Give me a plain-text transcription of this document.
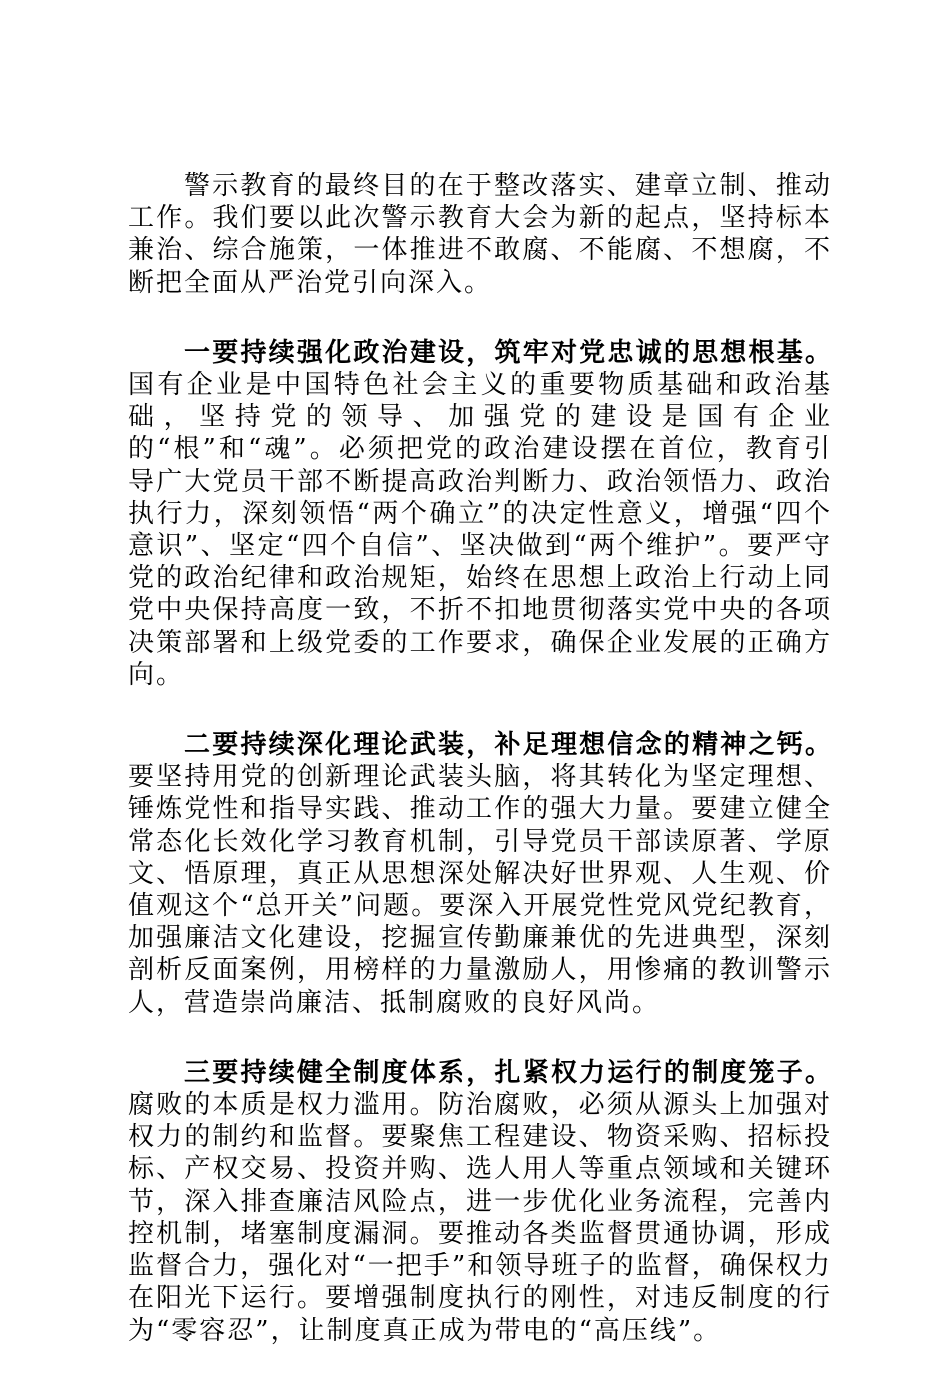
警示教育的最终目的在于整改落实、建章立制、推动工作。我们要以此次警示教育大会为新的起点，坚持标本兼治、综合施策，一体推进不敢腐、不能腐、不想腐，不断把全面从严治党引向深入。

一要持续强化政治建设，筑牢对党忠诚的思想根基。国有企业是中国特色社会主义的重要物质基础和政治基础，坚持党的领导、加强党的建设是国有企业的“根”和“魂”。必须把党的政治建设摆在首位，教育引导广大党员干部不断提高政治判断力、政治领悟力、政治执行力，深刻领悟“两个确立”的决定性意义，增强“四个意识”、坚定“四个自信”、坚决做到“两个维护”。要严守党的政治纪律和政治规矩，始终在思想上政治上行动上同党中央保持高度一致，不折不扣地贯彻落实党中央的各项决策部署和上级党委的工作要求，确保企业发展的正确方向。

二要持续深化理论武装，补足理想信念的精神之钙。要坚持用党的创新理论武装头脑，将其转化为坚定理想、锤炼党性和指导实践、推动工作的强大力量。要建立健全常态化长效化学习教育机制，引导党员干部读原著、学原文、悟原理，真正从思想深处解决好世界观、人生观、价值观这个“总开关”问题。要深入开展党性党风党纪教育，加强廉洁文化建设，挖掘宣传勤廉兼优的先进典型，深刻剖析反面案例，用榜样的力量激励人，用惨痛的教训警示人，营造崇尚廉洁、抵制腐败的良好风尚。

三要持续健全制度体系，扎紧权力运行的制度笼子。腐败的本质是权力滥用。防治腐败，必须从源头上加强对权力的制约和监督。要聚焦工程建设、物资采购、招标投标、产权交易、投资并购、选人用人等重点领域和关键环节，深入排查廉洁风险点，进一步优化业务流程，完善内控机制，堵塞制度漏洞。要推动各类监督贯通协调，形成监督合力，强化对“一把手”和领导班子的监督，确保权力在阳光下运行。要增强制度执行的刚性，对违反制度的行为“零容忍”，让制度真正成为带电的“高压线”。
